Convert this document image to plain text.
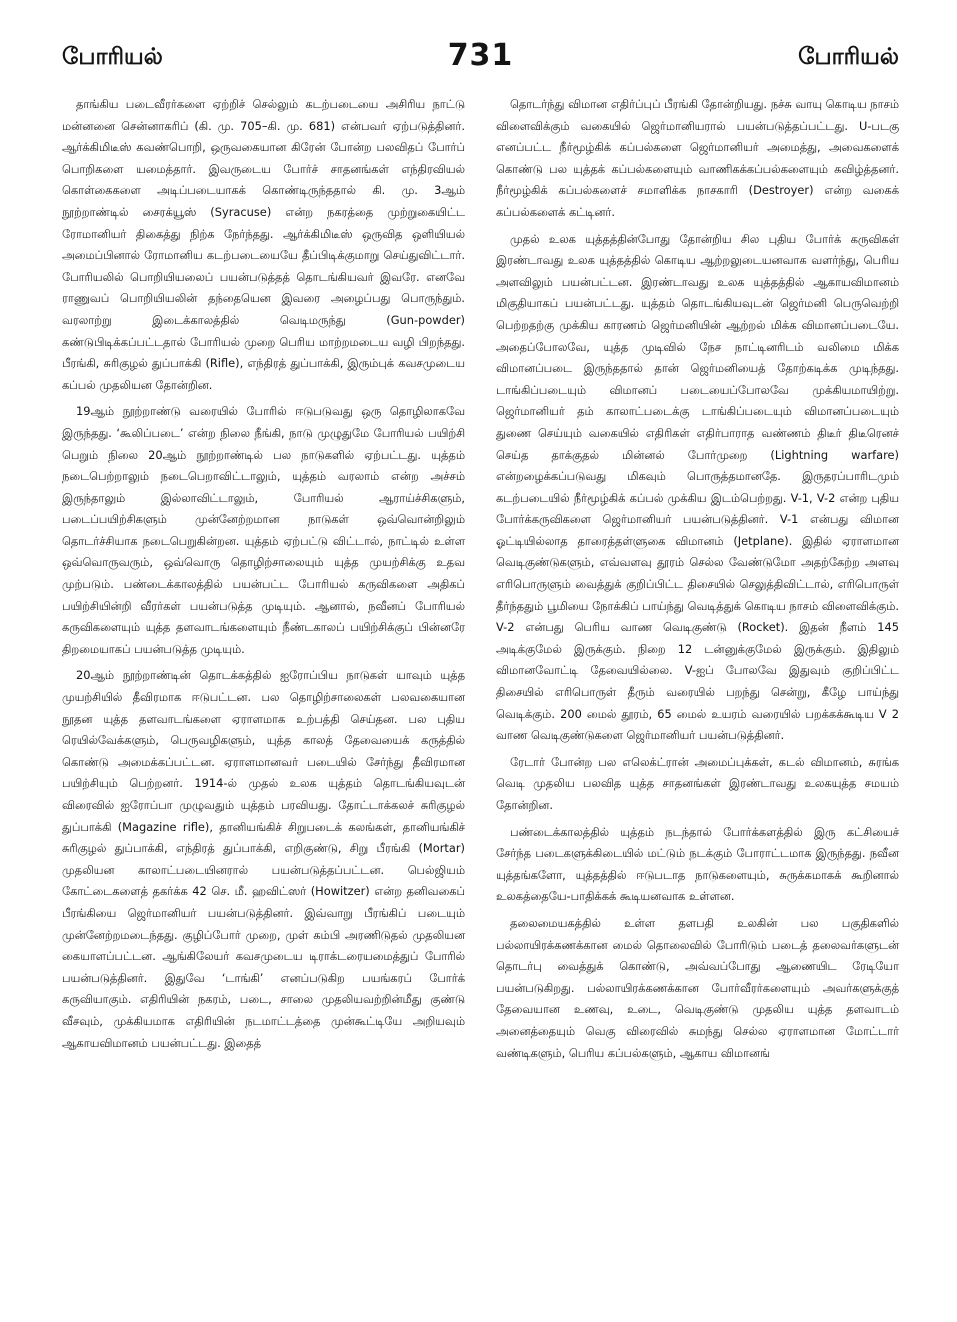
போரியல்	731	போரியல்

தாங்கிய படைவீரர்களை ஏற்றிச் செல்லும் கடற்படையை அசிரிய நாட்டு மன்னனை சென்னாகரிப் (கி. மு. 705–கி. மு. 681) என்பவர் ஏற்படுத்தினர். ஆர்க்கிமிடீஸ் கவண்பொறி, ஒருவகையான கிரேன் போன்ற பலவிதப் போர்ப் பொறிகளை யமைத்தார். இவருடைய போர்ச் சாதனங்கள் எந்திரவியல் கொள்கைகளை அடிப்படையாகக் கொண்டிருந்ததால் கி. மு. 3ஆம் நூற்றாண்டில் சைரக்யூஸ் (Syracuse) என்ற நகரத்தை முற்றுகையிட்ட ரோமானியர் திகைத்து நிற்க நேர்ந்தது. ஆர்க்கிமிடீஸ் ஒருவித ஒளியியல் அமைப்பினால் ரோமானிய கடற்படையையே தீப்பிடிக்குமாறு செய்துவிட்டார். போரியலில் பொறியியலைப் பயன்படுத்தத் தொடங்கியவர் இவரே. எனவே ராணுவப் பொறியியலின் தந்தையென இவரை அழைப்பது பொருந்தும். வரலாற்று இடைக்காலத்தில் வெடிமருந்து (Gun-powder) கண்டுபிடிக்கப்பட்டதால் போரியல் முறை பெரிய மாற்றமடைய வழி பிறந்தது. பீரங்கி, சுரிகுழல் துப்பாக்கி (Rifle), எந்திரத் துப்பாக்கி, இரும்புக் கவசமுடைய கப்பல் முதலியன தோன்றின.

19ஆம் நூற்றாண்டு வரையில் போரில் ஈடுபடுவது ஒரு தொழிலாகவே இருந்தது. ‘கூலிப்படை’ என்ற நிலை நீங்கி, நாடு முழுதுமே போரியல் பயிற்சி பெறும் நிலை 20ஆம் நூற்றாண்டில் பல நாடுகளில் ஏற்பட்டது. யுத்தம் நடைபெற்றாலும் நடைபெறாவிட்டாலும், யுத்தம் வரலாம் என்ற அச்சம் இருந்தாலும் இல்லாவிட்டாலும், போரியல் ஆராய்ச்சிகளும், படைப்பயிற்சிகளும் முன்னேற்றமான நாடுகள் ஒவ்வொன்றிலும் தொடர்ச்சியாக நடைபெறுகின்றன. யுத்தம் ஏற்பட்டு விட்டால், நாட்டில் உள்ள ஒவ்வொருவரும், ஒவ்வொரு தொழிற்சாலையும் யுத்த முயற்சிக்கு உதவ முற்படும். பண்டைக்காலத்தில் பயன்பட்ட போரியல் கருவிகளை அதிகப் பயிற்சியின்றி வீரர்கள் பயன்படுத்த முடியும். ஆனால், நவீனப் போரியல் கருவிகளையும் யுத்த தளவாடங்களையும் நீண்டகாலப் பயிற்சிக்குப் பின்னரே திறமையாகப் பயன்படுத்த முடியும்.

20ஆம் நூற்றாண்டின் தொடக்கத்தில் ஐரோப்பிய நாடுகள் யாவும் யுத்த முயற்சியில் தீவிரமாக ஈடுபட்டன. பல தொழிற்சாலைகள் பலவகையான நூதன யுத்த தளவாடங்களை ஏராளமாக உற்பத்தி செய்தன. பல புதிய ரெயில்வேக்களும், பெருவழிகளும், யுத்த காலத் தேவையைக் கருத்தில் கொண்டு அமைக்கப்பட்டன. ஏராளமானவர் படையில் சேர்ந்து தீவிரமான பயிற்சியும் பெற்றனர். 1914-ல் முதல் உலக யுத்தம் தொடங்கியவுடன் விரைவில் ஐரோப்பா முழுவதும் யுத்தம் பரவியது. தோட்டாக்கலச் சுரிகுழல் துப்பாக்கி (Magazine rifle), தானியங்கிச் சிறுபடைக் கலங்கள், தானியங்கிச் சுரிகுழல் துப்பாக்கி, எந்திரத் துப்பாக்கி, எறிகுண்டு, சிறு பீரங்கி (Mortar) முதலியன காலாட்படையினரால் பயன்படுத்தப்பட்டன. பெல்ஜியம் கோட்டைகளைத் தகர்க்க 42 செ. மீ. ஹவிட்ஸர் (Howitzer) என்ற தனிவகைப் பீரங்கியை ஜெர்மானியர் பயன்படுத்தினர். இவ்வாறு பீரங்கிப் படையும் முன்னேற்றமடைந்தது. குழிப்போர் முறை, முள் கம்பி அரணிடுதல் முதலியன கையாளப்பட்டன. ஆங்கிலேயர் கவசமுடைய டிராக்டரையமைத்துப் போரில் பயன்படுத்தினர். இதுவே ‘டாங்கி’ எனப்படுகிற பயங்கரப் போர்க் கருவியாகும். எதிரியின் நகரம், படை, சாலை முதலியவற்றின்மீது குண்டு வீசவும், முக்கியமாக எதிரியின் நடமாட்டத்தை முன்கூட்டியே அறியவும் ஆகாயவிமானம் பயன்பட்டது. இதைத்

தொடர்ந்து விமான எதிர்ப்புப் பீரங்கி தோன்றியது. நச்சு வாயு கொடிய நாசம் விளைவிக்கும் வகையில் ஜெர்மானியரால் பயன்படுத்தப்பட்டது. U-படகு எனப்பட்ட நீர்மூழ்கிக் கப்பல்களை ஜெர்மானியர் அமைத்து, அவைகளைக் கொண்டு பல யுத்தக் கப்பல்களையும் வாணிகக்கப்பல்களையும் கவிழ்த்தனர். நீர்மூழ்கிக் கப்பல்களைச் சமாளிக்க நாசகாரி (Destroyer) என்ற வகைக் கப்பல்களைக் கட்டினர்.

முதல் உலக யுத்தத்தின்போது தோன்றிய சில புதிய போர்க் கருவிகள் இரண்டாவது உலக யுத்தத்தில் கொடிய ஆற்றலுடையனவாக வளர்ந்து, பெரிய அளவிலும் பயன்பட்டன. இரண்டாவது உலக யுத்தத்தில் ஆகாயவிமானம் மிகுதியாகப் பயன்பட்டது. யுத்தம் தொடங்கியவுடன் ஜெர்மனி பெருவெற்றி பெற்றதற்கு முக்கிய காரணம் ஜெர்மனியின் ஆற்றல் மிக்க விமானப்படையே. அதைப்போலவே, யுத்த முடிவில் நேச நாட்டினரிடம் வலிமை மிக்க விமானப்படை இருந்ததால் தான் ஜெர்மனியைத் தோற்கடிக்க முடிந்தது. டாங்கிப்படையும் விமானப் படையைப்போலவே முக்கியமாயிற்று. ஜெர்மானியர் தம் காலாட்படைக்கு டாங்கிப்படையும் விமானப்படையும் துணை செய்யும் வகையில் எதிரிகள் எதிர்பாராத வண்ணம் திடீர் திடீரெனச் செய்த தாக்குதல் மின்னல் போர்முறை (Lightning warfare) என்றழைக்கப்படுவது மிகவும் பொருத்தமானதே. இருதரப்பாரிடமும் கடற்படையில் நீர்மூழ்கிக் கப்பல் முக்கிய இடம்பெற்றது. V-1, V-2 என்ற புதிய போர்க்கருவிகளை ஜெர்மானியர் பயன்படுத்தினர். V-1 என்பது விமான ஓட்டியில்லாத தாரைத்தள்ளுகை விமானம் (Jetplane). இதில் ஏராளமான வெடிகுண்டுகளும், எவ்வளவு தூரம் செல்ல வேண்டுமோ அதற்கேற்ற அளவு எரிபொருளும் வைத்துக் குறிப்பிட்ட திசையில் செலுத்திவிட்டால், எரிபொருள் தீர்ந்ததும் பூமியை நோக்கிப் பாய்ந்து வெடித்துக் கொடிய நாசம் விளைவிக்கும். V-2 என்பது பெரிய வாண வெடிகுண்டு (Rocket). இதன் நீளம் 145 அடிக்குமேல் இருக்கும். நிறை 12 டன்னுக்குமேல் இருக்கும். இதிலும் விமானவோட்டி தேவையில்லை. V-ஐப் போலவே இதுவும் குறிப்பிட்ட திசையில் எரிபொருள் தீரும் வரையில் பறந்து சென்று, கீழே பாய்ந்து வெடிக்கும். 200 மைல் தூரம், 65 மைல் உயரம் வரையில் பறக்கக்கூடிய V 2 வாண வெடிகுண்டுகளை ஜெர்மானியர் பயன்படுத்தினர்.

ரேடார் போன்ற பல எலெக்ட்ரான் அமைப்புக்கள், கடல் விமானம், சுரங்க வெடி முதலிய பலவித யுத்த சாதனங்கள் இரண்டாவது உலகயுத்த சமயம் தோன்றின.

பண்டைக்காலத்தில் யுத்தம் நடந்தால் போர்க்களத்தில் இரு கட்சியைச் சேர்ந்த படைகளுக்கிடையில் மட்டும் நடக்கும் போராட்டமாக இருந்தது. நவீன யுத்தங்களோ, யுத்தத்தில் ஈடுபடாத நாடுகளையும், சுருக்கமாகக் கூறினால் உலகத்தையே-பாதிக்கக் கூடியனவாக உள்ளன.

தலைமையகத்தில் உள்ள தளபதி உலகின் பல பகுதிகளில் பல்லாயிரக்கணக்கான மைல் தொலைவில் போரிடும் படைத் தலைவர்களுடன் தொடர்பு வைத்துக் கொண்டு, அவ்வப்போது ஆணையிட ரேடியோ பயன்படுகிறது. பல்லாயிரக்கணக்கான போர்வீரர்களையும் அவர்களுக்குத் தேவையான உணவு, உடை, வெடிகுண்டு முதலிய யுத்த தளவாடம் அனைத்தையும் வெகு விரைவில் சுமந்து செல்ல ஏராளமான மோட்டார் வண்டிகளும், பெரிய கப்பல்களும், ஆகாய விமானங்
